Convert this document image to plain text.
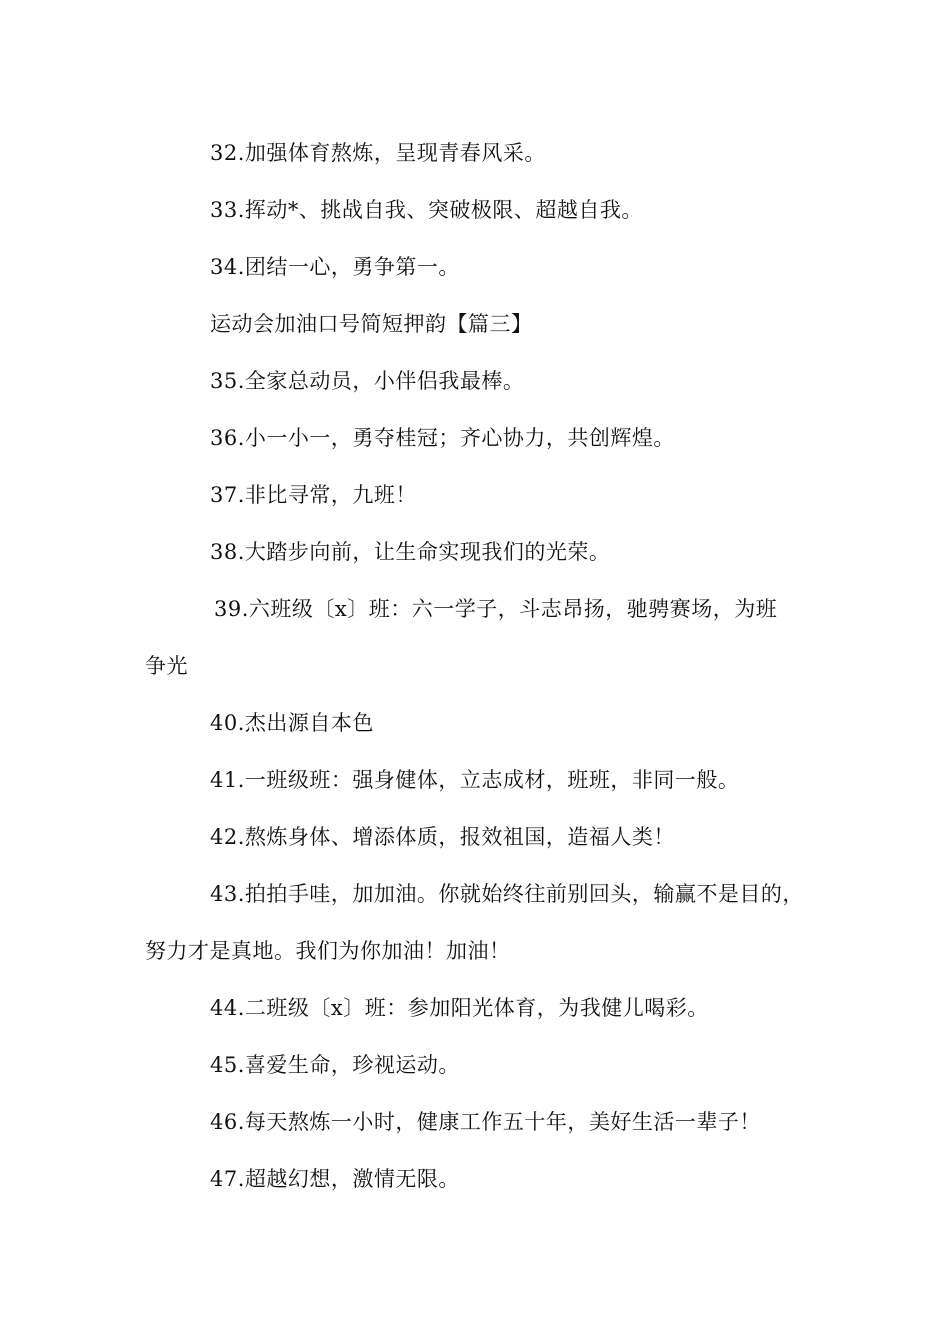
32.加强体育熬炼，呈现青春风采。
33.挥动*、挑战自我、突破极限、超越自我。
34.团结一心，勇争第一。
运动会加油口号简短押韵【篇三】
35.全家总动员，小伴侣我最棒。
36.小一小一，勇夺桂冠；齐心协力，共创辉煌。
37.非比寻常，九班！
38.大踏步向前，让生命实现我们的光荣。
39.六班级〔x〕班：六一学子，斗志昂扬，驰骋赛场，为班
争光
40.杰出源自本色
41.一班级班：强身健体，立志成材，班班，非同一般。
42.熬炼身体、增添体质，报效祖国，造福人类！
43.拍拍手哇，加加油。你就始终往前别回头，输赢不是目的，
努力才是真地。我们为你加油！加油！
44.二班级〔x〕班：参加阳光体育，为我健儿喝彩。
45.喜爱生命，珍视运动。
46.每天熬炼一小时，健康工作五十年，美好生活一辈子！
47.超越幻想，激情无限。
